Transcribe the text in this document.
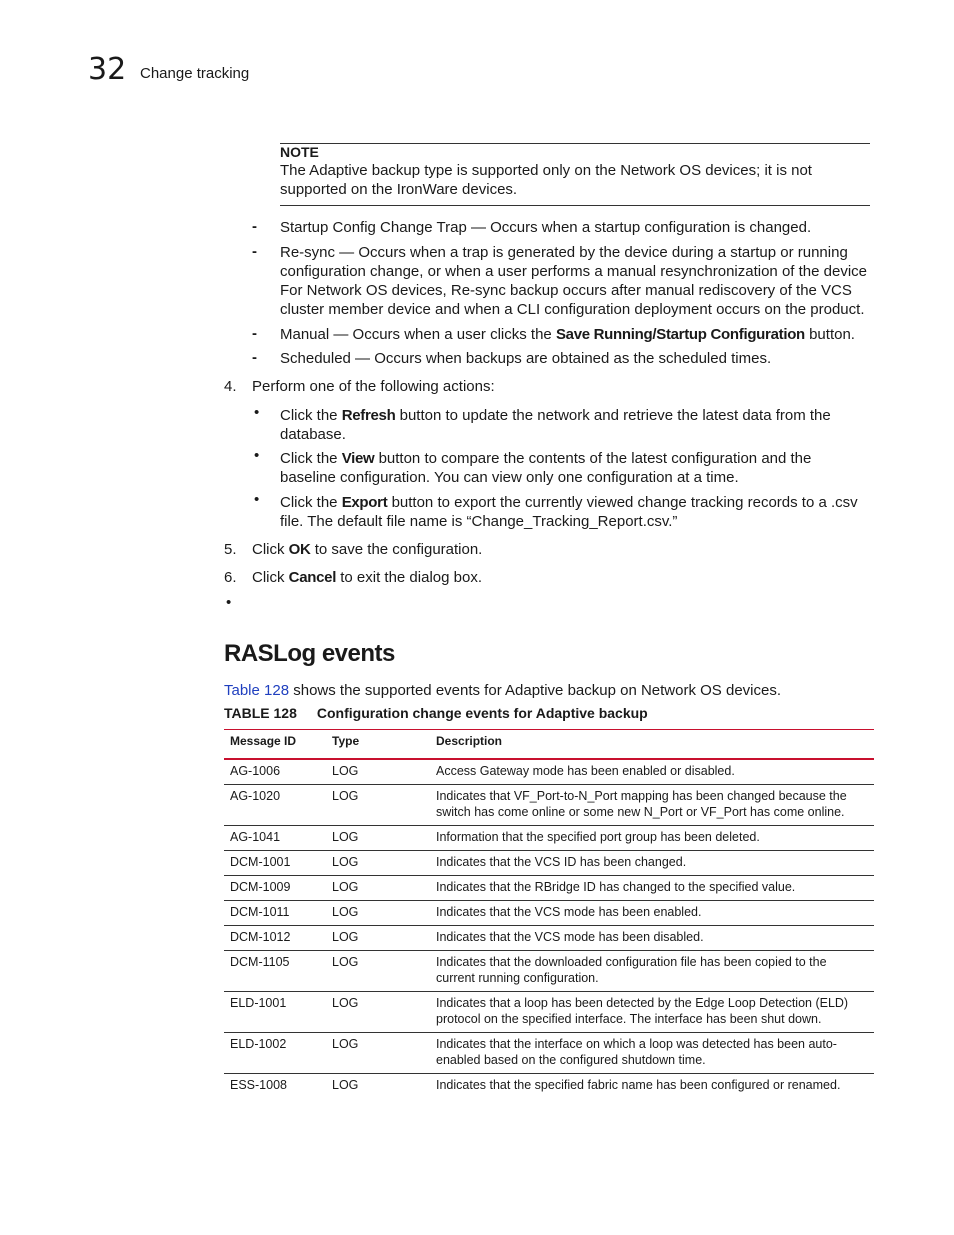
32 Change tracking
NOTE
The Adaptive backup type is supported only on the Network OS devices; it is not supported on the IronWare devices.
- Startup Config Change Trap — Occurs when a startup configuration is changed.
- Re-sync — Occurs when a trap is generated by the device during a startup or running configuration change, or when a user performs a manual resynchronization of the device For Network OS devices, Re-sync backup occurs after manual rediscovery of the VCS cluster member device and when a CLI configuration deployment occurs on the product.
- Manual — Occurs when a user clicks the Save Running/Startup Configuration button.
- Scheduled — Occurs when backups are obtained as the scheduled times.
4. Perform one of the following actions:
• Click the Refresh button to update the network and retrieve the latest data from the database.
• Click the View button to compare the contents of the latest configuration and the baseline configuration. You can view only one configuration at a time.
• Click the Export button to export the currently viewed change tracking records to a .csv file. The default file name is “Change_Tracking_Report.csv.”
5. Click OK to save the configuration.
6. Click Cancel to exit the dialog box.
•
RASLog events
Table 128 shows the supported events for Adaptive backup on Network OS devices.
TABLE 128 Configuration change events for Adaptive backup
Message ID	Type	Description
AG-1006	LOG	Access Gateway mode has been enabled or disabled.
AG-1020	LOG	Indicates that VF_Port-to-N_Port mapping has been changed because the switch has come online or some new N_Port or VF_Port has come online.
AG-1041	LOG	Information that the specified port group has been deleted.
DCM-1001	LOG	Indicates that the VCS ID has been changed.
DCM-1009	LOG	Indicates that the RBridge ID has changed to the specified value.
DCM-1011	LOG	Indicates that the VCS mode has been enabled.
DCM-1012	LOG	Indicates that the VCS mode has been disabled.
DCM-1105	LOG	Indicates that the downloaded configuration file has been copied to the current running configuration.
ELD-1001	LOG	Indicates that a loop has been detected by the Edge Loop Detection (ELD) protocol on the specified interface. The interface has been shut down.
ELD-1002	LOG	Indicates that the interface on which a loop was detected has been auto-enabled based on the configured shutdown time.
ESS-1008	LOG	Indicates that the specified fabric name has been configured or renamed.
